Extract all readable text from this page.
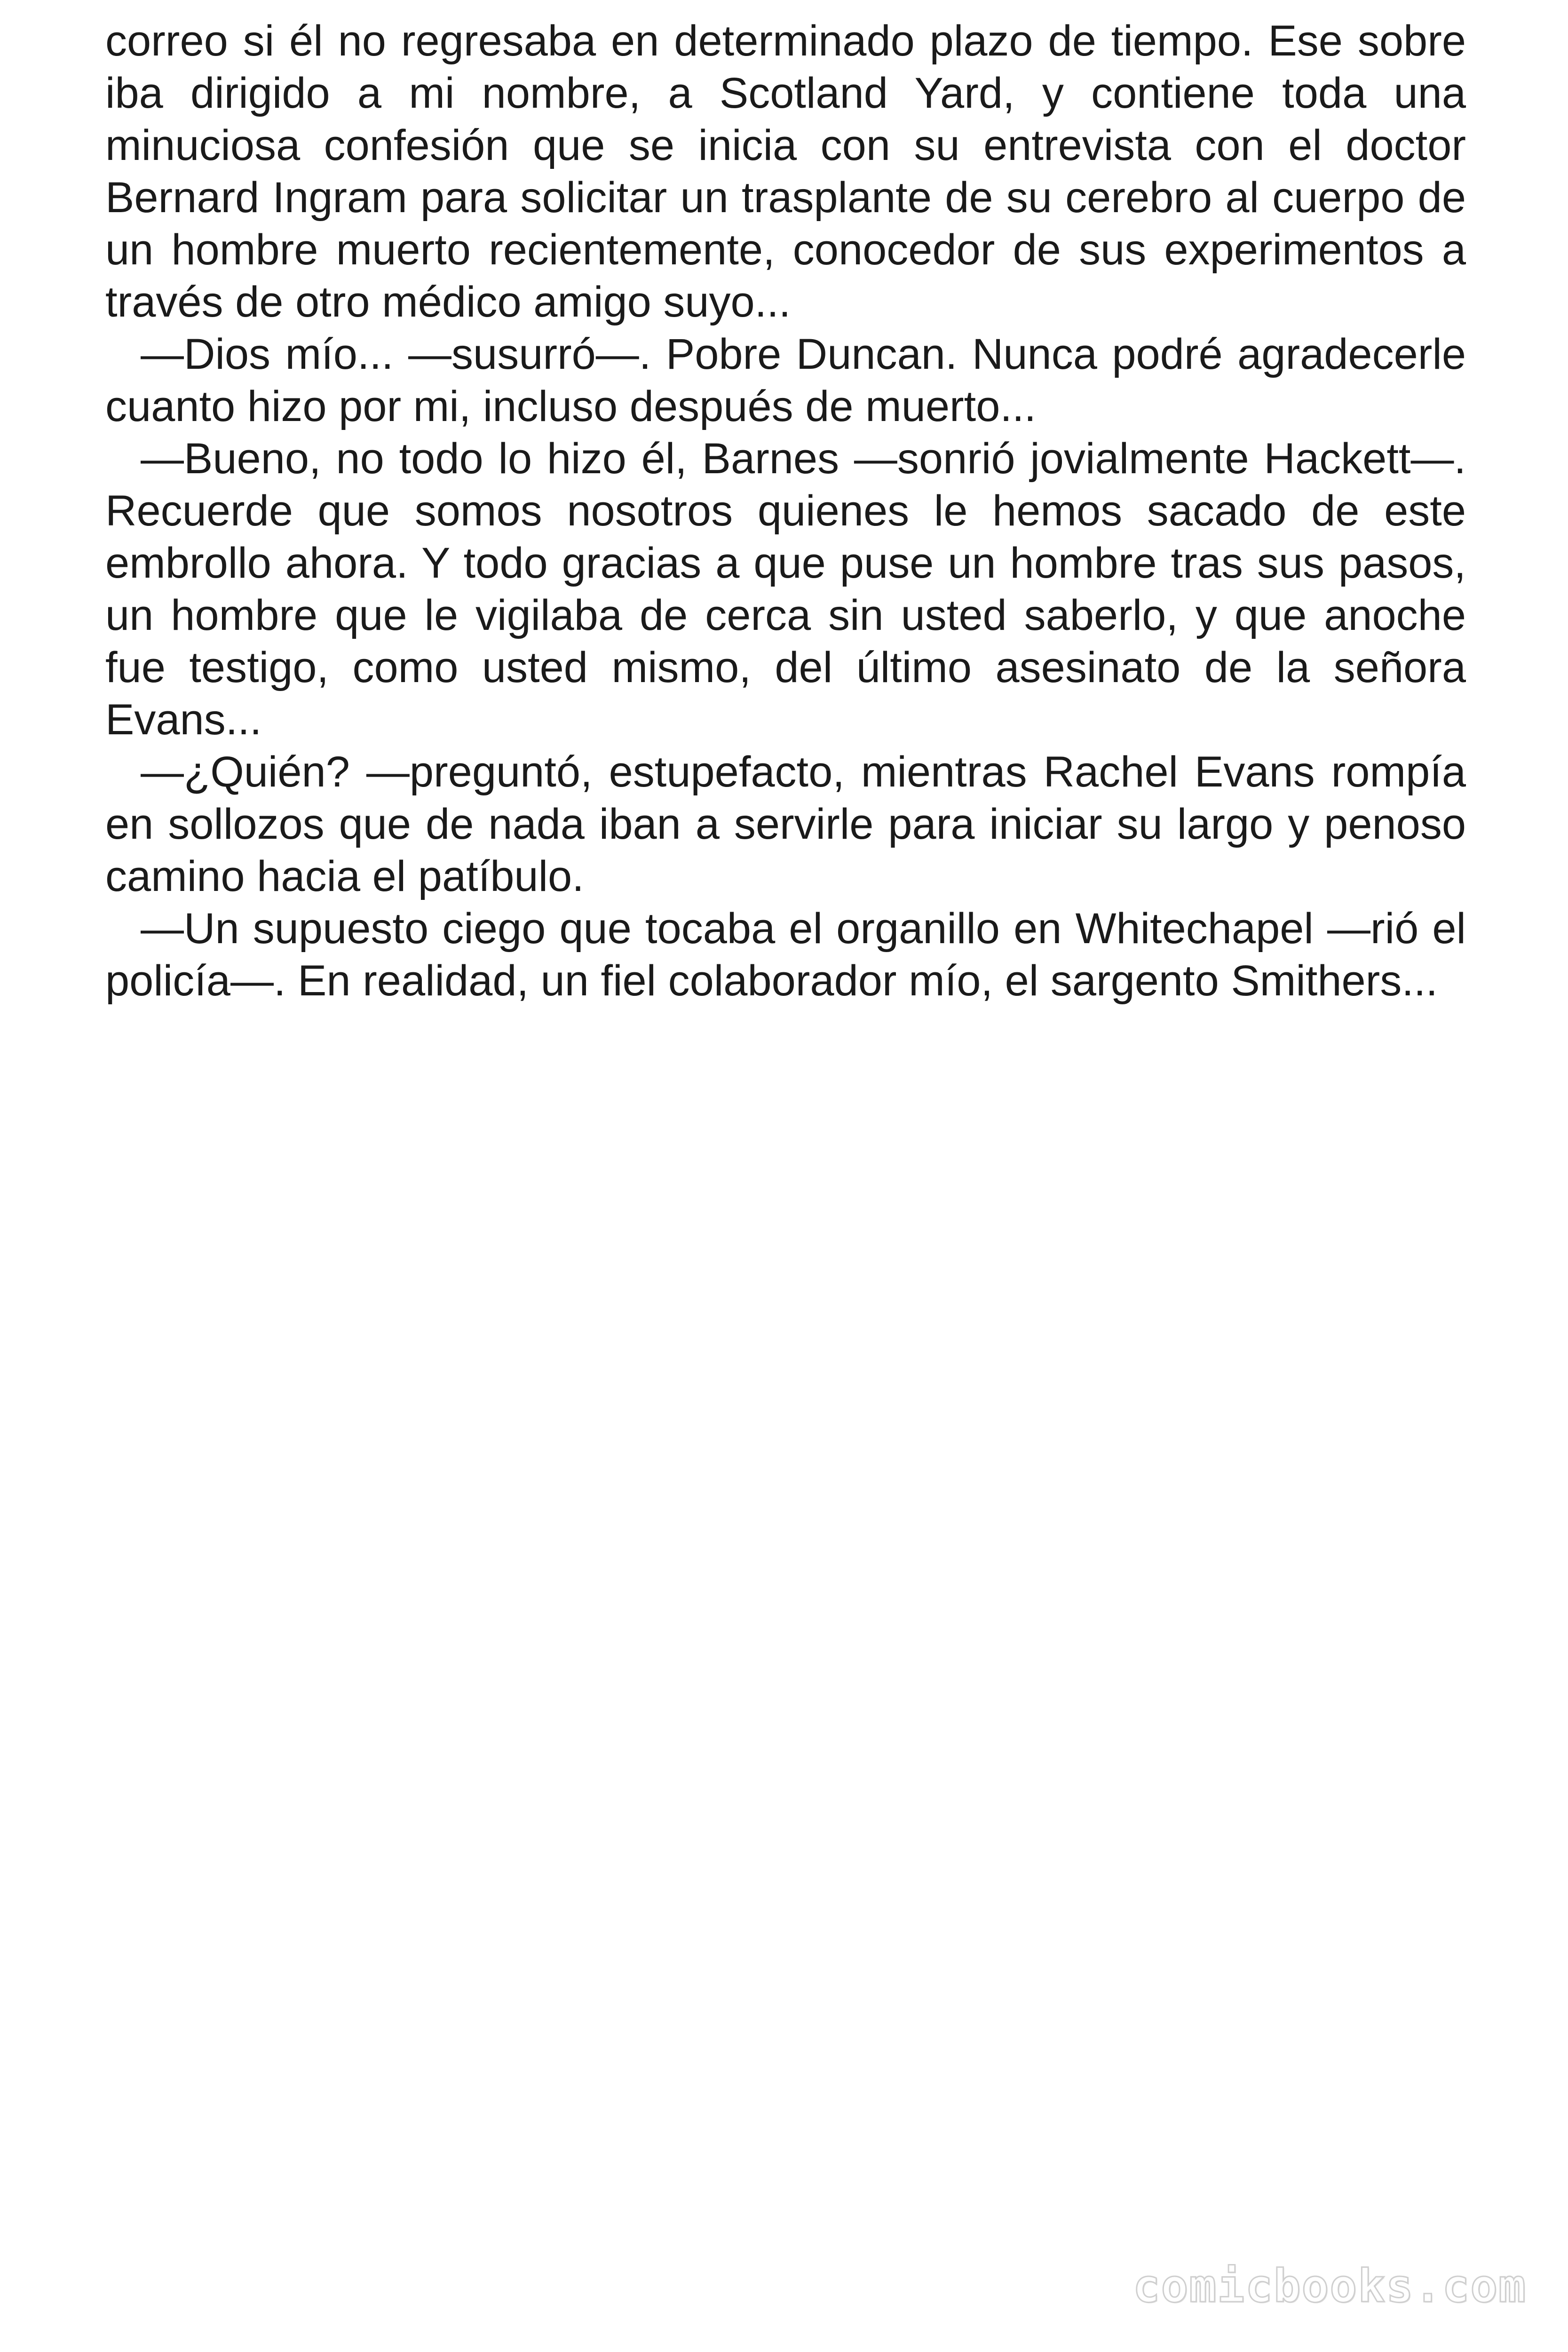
correo si él no regresaba en determinado plazo de tiempo. Ese sobre iba dirigido a mi nombre, a Scotland Yard, y contiene toda una minuciosa confesión que se inicia con su entrevista con el doctor Bernard Ingram para solicitar un trasplante de su cerebro al cuerpo de un hombre muerto recientemente, conocedor de sus experimentos a través de otro médico amigo suyo...

—Dios mío... —susurró—. Pobre Duncan. Nunca podré agradecerle cuanto hizo por mi, incluso después de muerto...

—Bueno, no todo lo hizo él, Barnes —sonrió jovialmente Hackett—. Recuerde que somos nosotros quienes le hemos sacado de este embrollo ahora. Y todo gracias a que puse un hombre tras sus pasos, un hombre que le vigilaba de cerca sin usted saberlo, y que anoche fue testigo, como usted mismo, del último asesinato de la señora Evans...

—¿Quién? —preguntó, estupefacto, mientras Rachel Evans rompía en sollozos que de nada iban a servirle para iniciar su largo y penoso camino hacia el patíbulo.

—Un supuesto ciego que tocaba el organillo en Whitechapel —rió el policía—. En realidad, un fiel colaborador mío, el sargento Smithers...

comicbooks.com
